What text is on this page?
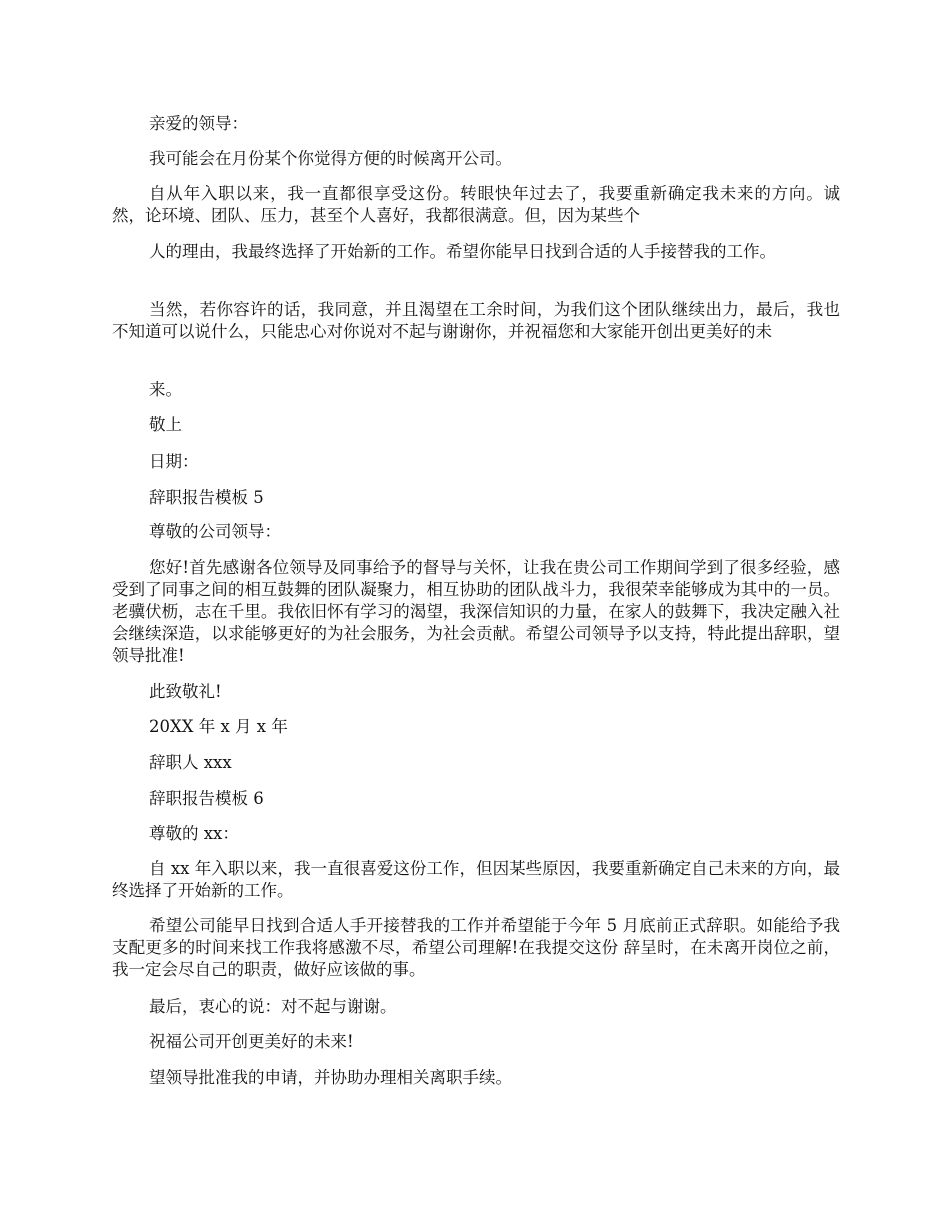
亲爱的领导：

我可能会在月份某个你觉得方便的时候离开公司。

自从年入职以来，我一直都很享受这份。转眼快年过去了，我要重新确定我未来的方向。诚然，论环境、团队、压力，甚至个人喜好，我都很满意。但，因为某些个

人的理由，我最终选择了开始新的工作。希望你能早日找到合适的人手接替我的工作。

当然，若你容许的话，我同意，并且渴望在工余时间，为我们这个团队继续出力，最后，我也不知道可以说什么，只能忠心对你说对不起与谢谢你，并祝福您和大家能开创出更美好的未

来。

敬上

日期：

辞职报告模板 5

尊敬的公司领导：

您好!首先感谢各位领导及同事给予的督导与关怀，让我在贵公司工作期间学到了很多经验，感受到了同事之间的相互鼓舞的团队凝聚力，相互协助的团队战斗力，我很荣幸能够成为其中的一员。老骥伏枥，志在千里。我依旧怀有学习的渴望，我深信知识的力量，在家人的鼓舞下，我决定融入社会继续深造，以求能够更好的为社会服务，为社会贡献。希望公司领导予以支持，特此提出辞职，望领导批准!

此致敬礼!

20XX 年 x 月 x 年

辞职人 xxx

辞职报告模板 6

尊敬的 xx：

自 xx 年入职以来，我一直很喜爱这份工作，但因某些原因，我要重新确定自己未来的方向，最终选择了开始新的工作。

希望公司能早日找到合适人手开接替我的工作并希望能于今年 5 月底前正式辞职。如能给予我支配更多的时间来找工作我将感激不尽，希望公司理解!在我提交这份 辞呈时，在未离开岗位之前，我一定会尽自己的职责，做好应该做的事。

最后，衷心的说：对不起与谢谢。

祝福公司开创更美好的未来!

望领导批准我的申请，并协助办理相关离职手续。
